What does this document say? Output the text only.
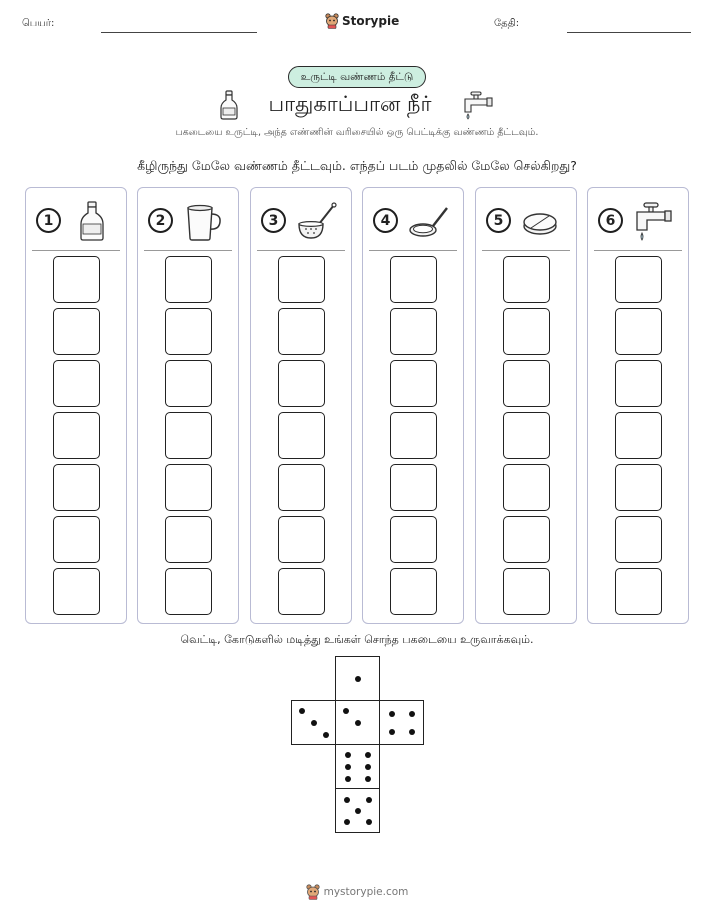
பெயர்:	Storypie	தேதி:
உருட்டி வண்ணம் தீட்டு
பாதுகாப்பான நீர்
பகடையை உருட்டி, அந்த எண்ணின் வரிசையில் ஒரு பெட்டிக்கு வண்ணம் தீட்டவும்.
கீழிருந்து மேலே வண்ணம் தீட்டவும். எந்தப் படம் முதலில் மேலே செல்கிறது?
1	2	3	4	5	6
வெட்டி, கோடுகளில் மடித்து உங்கள் சொந்த பகடையை உருவாக்கவும்.
mystorypie.com
